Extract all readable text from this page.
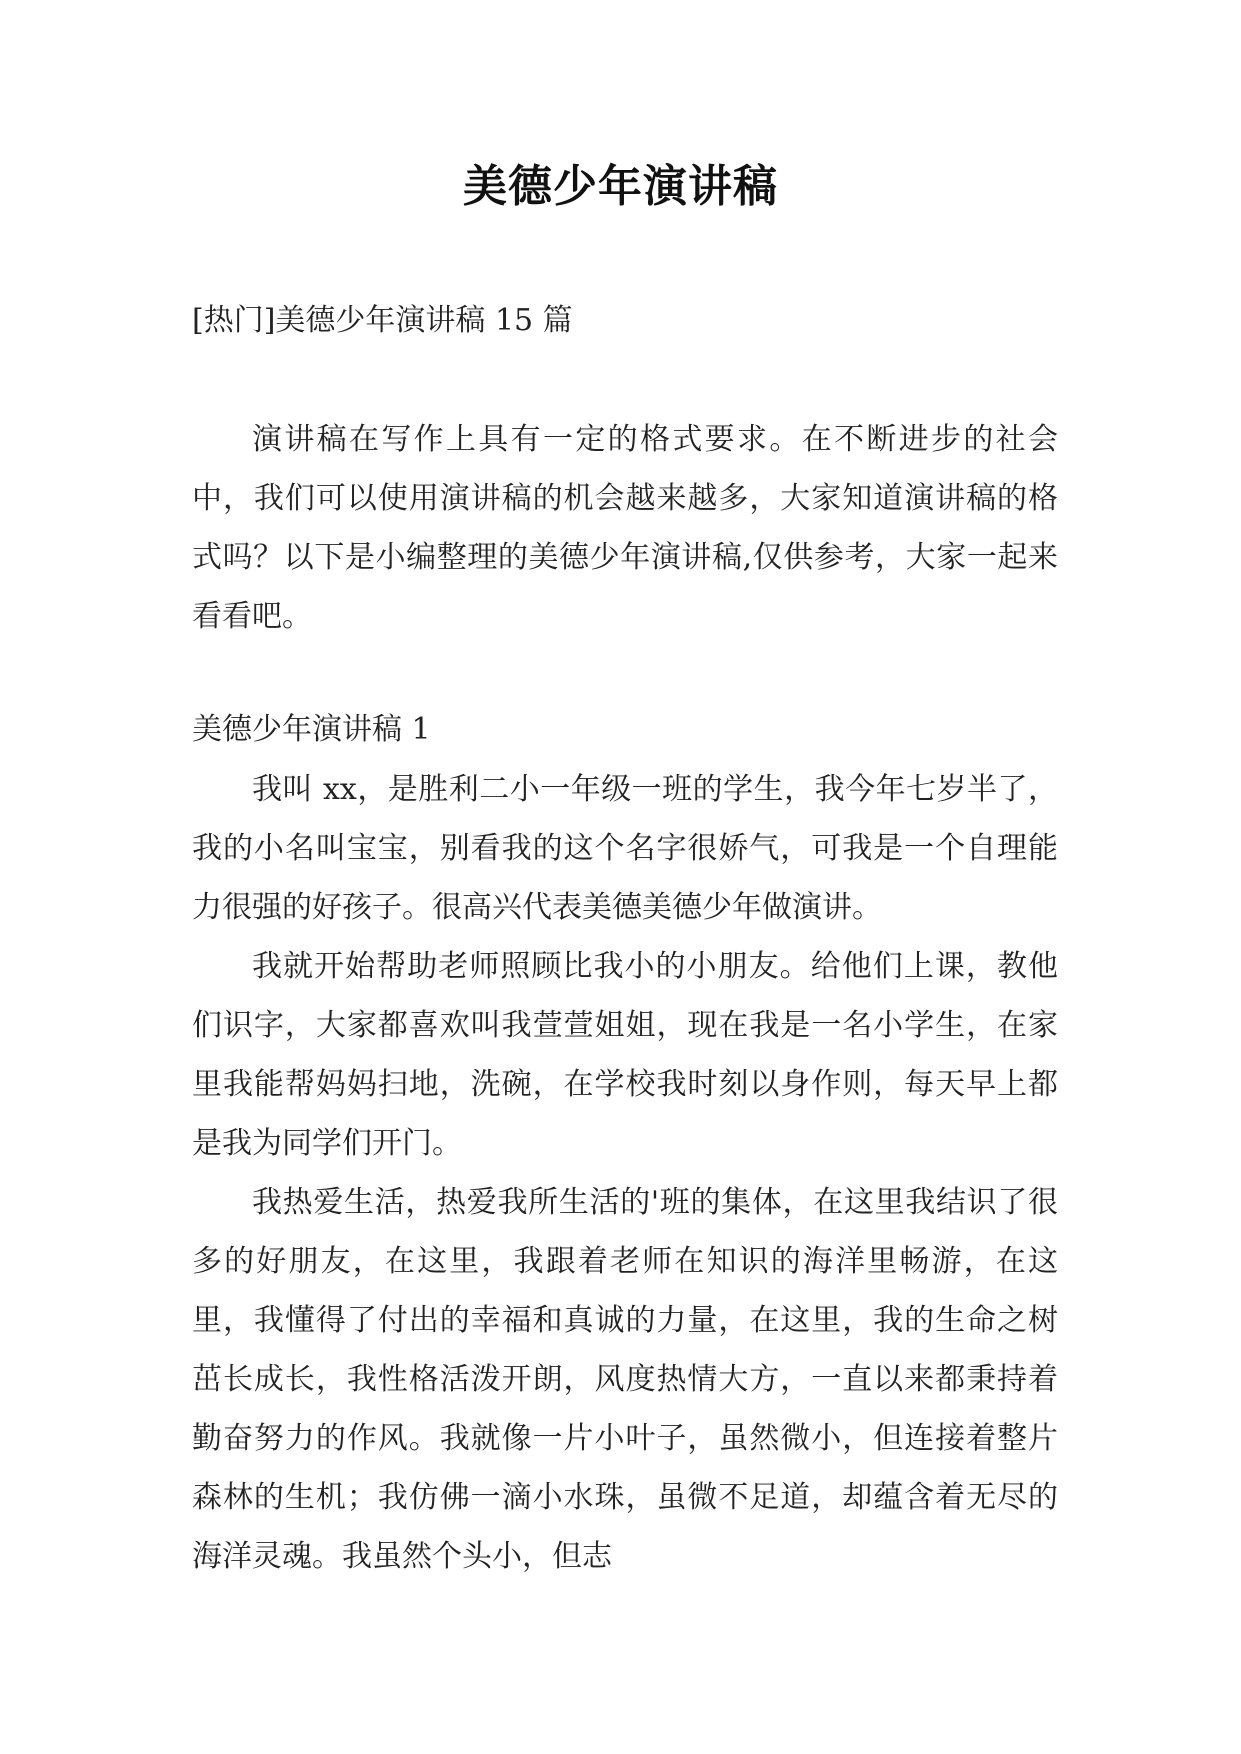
美德少年演讲稿
[热门]美德少年演讲稿 15 篇

演讲稿在写作上具有一定的格式要求。在不断进步的社会中，我们可以使用演讲稿的机会越来越多，大家知道演讲稿的格式吗？以下是小编整理的美德少年演讲稿,仅供参考，大家一起来看看吧。

美德少年演讲稿 1

我叫 xx，是胜利二小一年级一班的学生，我今年七岁半了，我的小名叫宝宝，别看我的这个名字很娇气，可我是一个自理能力很强的好孩子。很高兴代表美德美德少年做演讲。

我就开始帮助老师照顾比我小的小朋友。给他们上课，教他们识字，大家都喜欢叫我萱萱姐姐，现在我是一名小学生，在家里我能帮妈妈扫地，洗碗，在学校我时刻以身作则，每天早上都是我为同学们开门。

我热爱生活，热爱我所生活的'班的集体，在这里我结识了很多的好朋友，在这里，我跟着老师在知识的海洋里畅游，在这里，我懂得了付出的幸福和真诚的力量，在这里，我的生命之树茁长成长，我性格活泼开朗，风度热情大方，一直以来都秉持着勤奋努力的作风。我就像一片小叶子，虽然微小，但连接着整片森林的生机；我仿佛一滴小水珠，虽微不足道，却蕴含着无尽的海洋灵魂。我虽然个头小，但志
